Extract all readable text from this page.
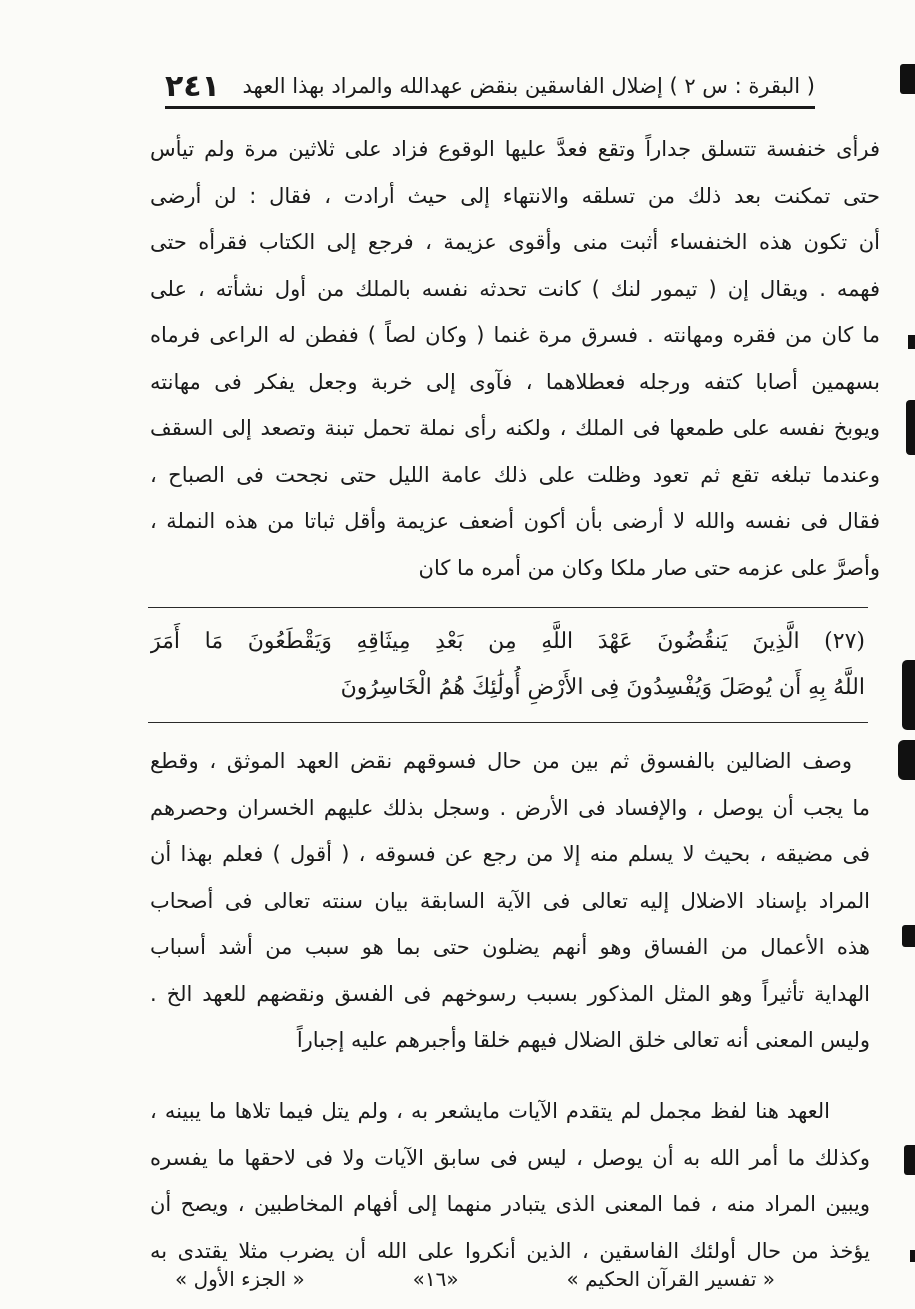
( البقرة : س ٢ ) إضلال الفاسقين بنقض عهدالله والمراد بهذا العهد
٢٤١
فرأى خنفسة تتسلق جداراً وتقع فعدَّ عليها الوقوع فزاد على ثلاثين مرة ولم تيأس
حتى تمكنت بعد ذلك من تسلقه والانتهاء إلى حيث أرادت ، فقال : لن أرضى
أن تكون هذه الخنفساء أثبت منى وأقوى عزيمة ، فرجع إلى الكتاب فقرأه حتى
فهمه . ويقال إن ( تيمور لنك ) كانت تحدثه نفسه بالملك من أول نشأته ، على
ما كان من فقره ومهانته . فسرق مرة غنما ( وكان لصاً ) ففطن له الراعى فرماه
بسهمين أصابا كتفه ورجله فعطلاهما ، فآوى إلى خربة وجعل يفكر فى مهانته
ويوبخ نفسه على طمعها فى الملك ، ولكنه رأى نملة تحمل تبنة وتصعد إلى السقف
وعندما تبلغه تقع ثم تعود وظلت على ذلك عامة الليل حتى نجحت فى الصباح ،
فقال فى نفسه والله لا أرضى بأن أكون أضعف عزيمة وأقل ثباتا من هذه النملة ،
وأصرَّ على عزمه حتى صار ملكا وكان من أمره ما كان
(٢٧) الَّذِينَ يَنقُضُونَ عَهْدَ اللَّهِ مِن بَعْدِ مِيثَاقِهِ وَيَقْطَعُونَ مَا أَمَرَ
اللَّهُ بِهِ أَن يُوصَلَ وَيُفْسِدُونَ فِى الأَرْضِ أُولَٰئِكَ هُمُ الْخَاسِرُونَ
وصف الضالين بالفسوق ثم بين من حال فسوقهم نقض العهد الموثق ، وقطع
ما يجب أن يوصل ، والإفساد فى الأرض . وسجل بذلك عليهم الخسران وحصرهم
فى مضيقه ، بحيث لا يسلم منه إلا من رجع عن فسوقه ، ( أقول ) فعلم بهذا أن
المراد بإسناد الاضلال إليه تعالى فى الآية السابقة بيان سنته تعالى فى أصحاب
هذه الأعمال من الفساق وهو أنهم يضلون حتى بما هو سبب من أشد أسباب
الهداية تأثيراً وهو المثل المذكور بسبب رسوخهم فى الفسق ونقضهم للعهد الخ .
وليس المعنى أنه تعالى خلق الضلال فيهم خلقا وأجبرهم عليه إجباراً
العهد هنا لفظ مجمل لم يتقدم الآيات مايشعر به ، ولم يتل فيما تلاها ما يبينه ،
وكذلك ما أمر الله به أن يوصل ، ليس فى سابق الآيات ولا فى لاحقها ما يفسره
ويبين المراد منه ، فما المعنى الذى يتبادر منهما إلى أفهام المخاطبين ، ويصح أن
يؤخذ من حال أولئك الفاسقين ، الذين أنكروا على الله أن يضرب مثلا يقتدى به
« تفسير القرآن الحكيم »
«١٦»
« الجزء الأول »
